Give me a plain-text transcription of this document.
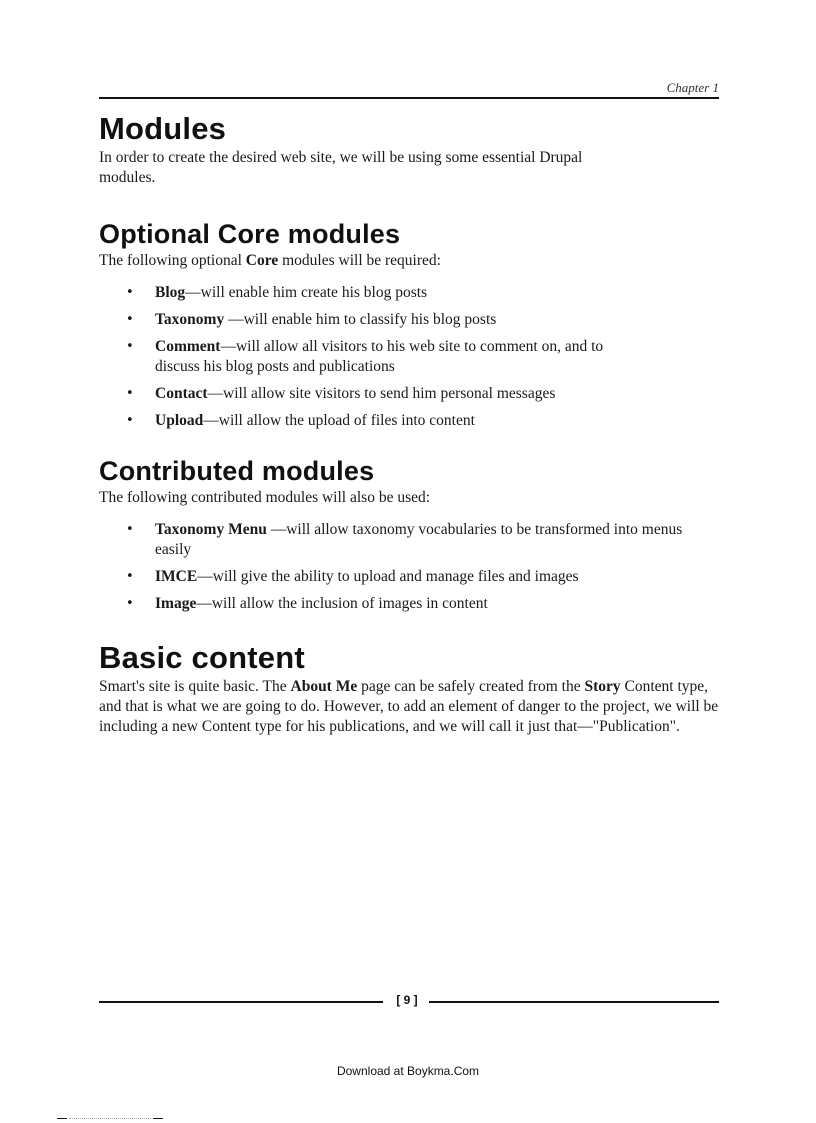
Chapter 1
Modules

In order to create the desired web site, we will be using some essential Drupal modules.

Optional Core modules

The following optional Core modules will be required:

• Blog—will enable him create his blog posts
• Taxonomy —will enable him to classify his blog posts
• Comment—will allow all visitors to his web site to comment on, and to discuss his blog posts and publications
• Contact—will allow site visitors to send him personal messages
• Upload—will allow the upload of files into content
Contributed modules

The following contributed modules will also be used:

• Taxonomy Menu —will allow taxonomy vocabularies to be transformed into menus easily
• IMCE—will give the ability to upload and manage files and images
• Image—will allow the inclusion of images in content
Basic content

Smart's site is quite basic. The About Me page can be safely created from the Story Content type, and that is what we are going to do. However, to add an element of danger to the project, we will be including a new Content type for his publications, and we will call it just that—"Publication".

[ 9 ]
Download at Boykma.Com
